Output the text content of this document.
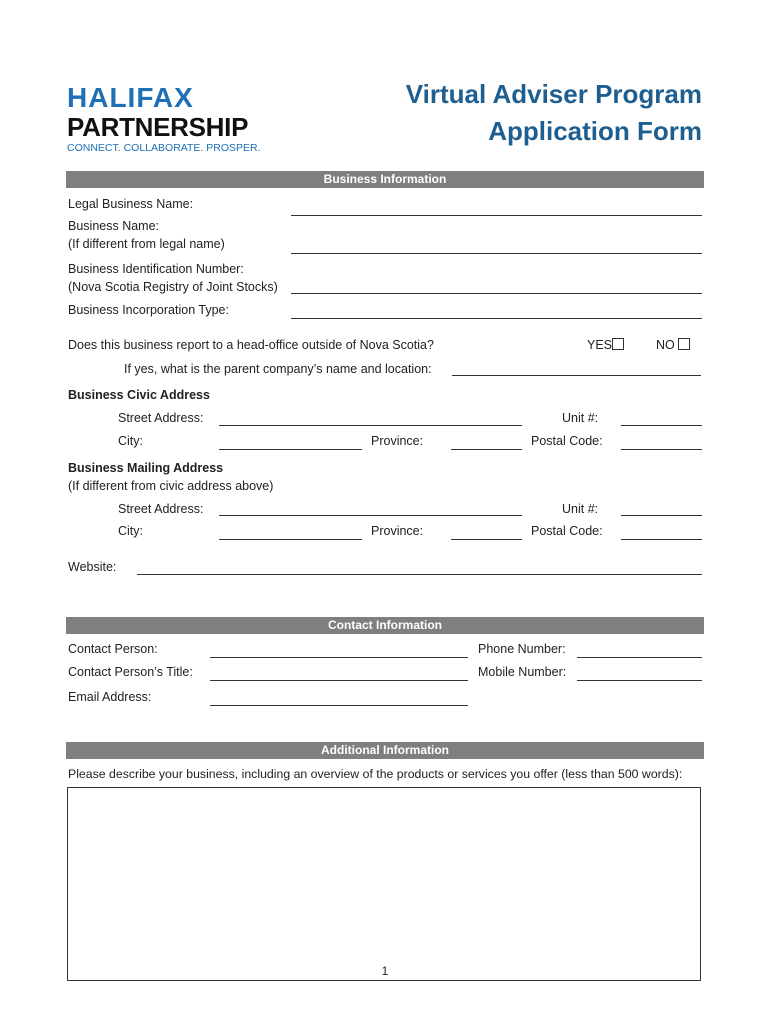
HALIFAX
PARTNERSHIP
CONNECT. COLLABORATE. PROSPER.
Virtual Adviser Program
Application Form
Business Information
Legal Business Name:
Business Name:
(If different from legal name)
Business Identification Number:
(Nova Scotia Registry of Joint Stocks)
Business Incorporation Type:
Does this business report to a head-office outside of Nova Scotia?	YES	NO
If yes, what is the parent company’s name and location:
Business Civic Address
Street Address:	Unit #:
City:	Province:	Postal Code:
Business Mailing Address
(If different from civic address above)
Street Address:	Unit #:
City:	Province:	Postal Code:
Website:
Contact Information
Contact Person:	Phone Number:
Contact Person’s Title:	Mobile Number:
Email Address:
Additional Information
Please describe your business, including an overview of the products or services you offer (less than 500 words):
1
